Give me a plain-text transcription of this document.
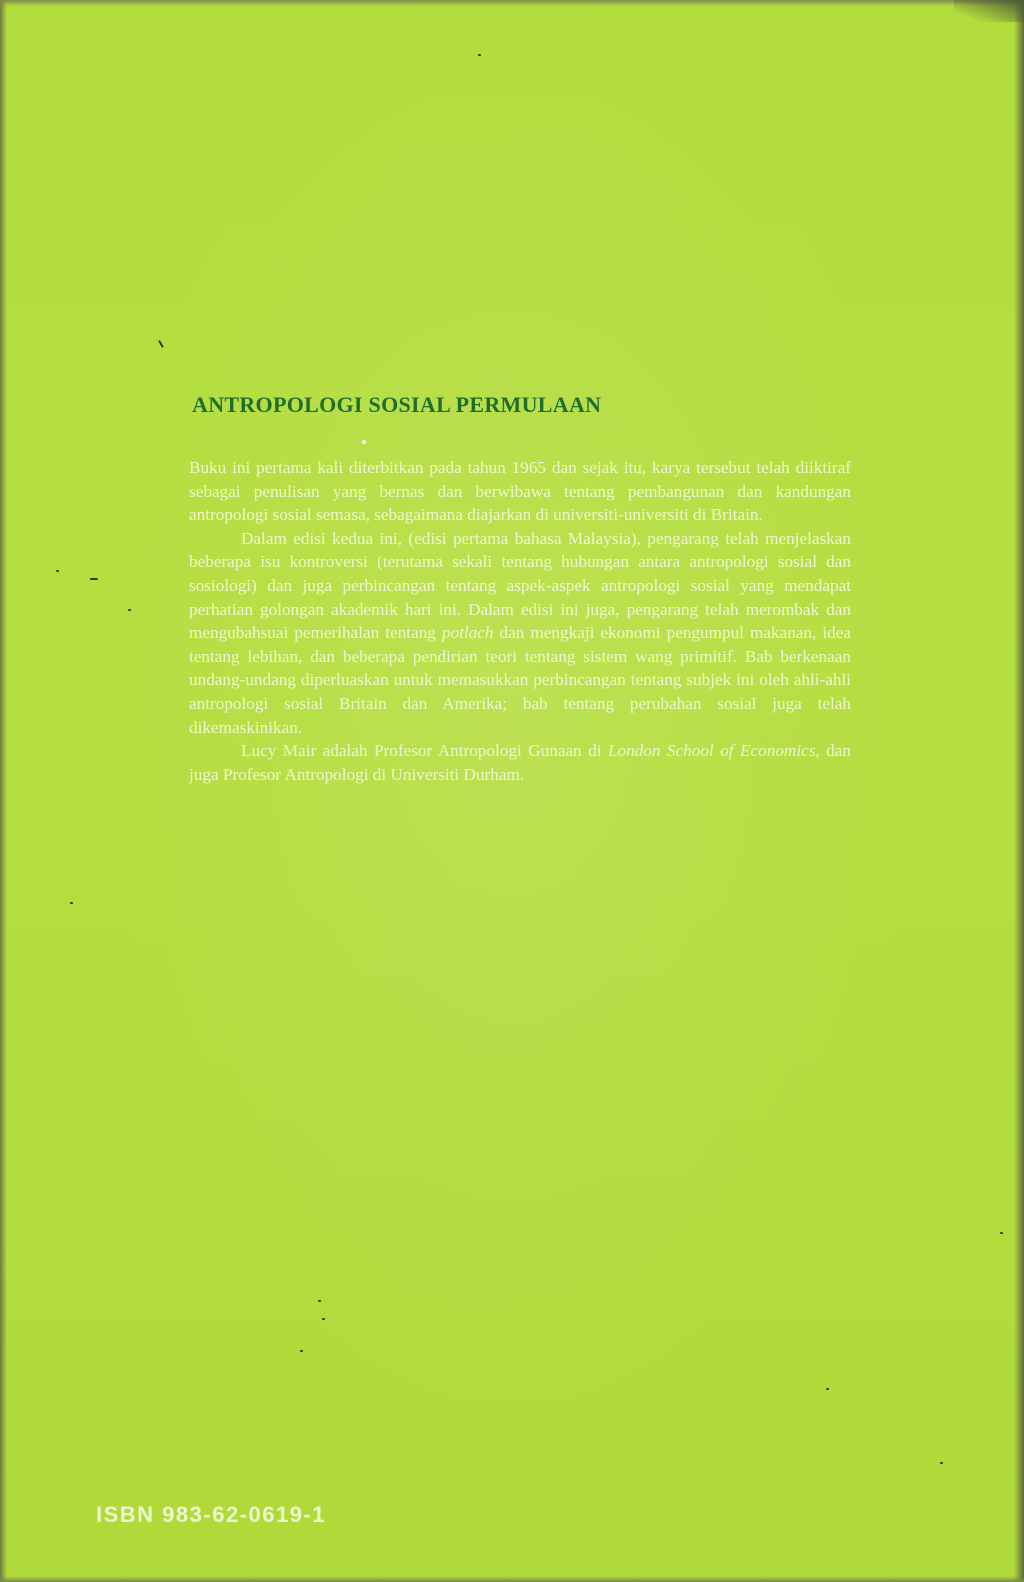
ANTROPOLOGI SOSIAL PERMULAAN

Buku ini pertama kali diterbitkan pada tahun 1965 dan sejak itu, karya tersebut telah diiktiraf sebagai penulisan yang bernas dan berwibawa tentang pembangunan dan kandungan antropologi sosial semasa, sebagaimana diajarkan di universiti-universiti di Britain.

Dalam edisi kedua ini, (edisi pertama bahasa Malaysia), pengarang telah menjelaskan beberapa isu kontroversi (terutama sekali tentang hubungan antara antropologi sosial dan sosiologi) dan juga perbincangan tentang aspek-aspek antropologi sosial yang mendapat perhatian golongan akademik hari ini. Dalam edisi ini juga, pengarang telah merombak dan mengubahsuai pemerihalan tentang potlach dan mengkaji ekonomi pengumpul makanan, idea tentang lebihan, dan beberapa pendirian teori tentang sistem wang primitif. Bab berkenaan undang-undang diperluaskan untuk memasukkan perbincangan tentang subjek ini oleh ahli-ahli antropologi sosial Britain dan Amerika; bab tentang perubahan sosial juga telah dikemaskinikan.

Lucy Mair adalah Profesor Antropologi Gunaan di London School of Economics, dan juga Profesor Antropologi di Universiti Durham.

ISBN 983-62-0619-1
